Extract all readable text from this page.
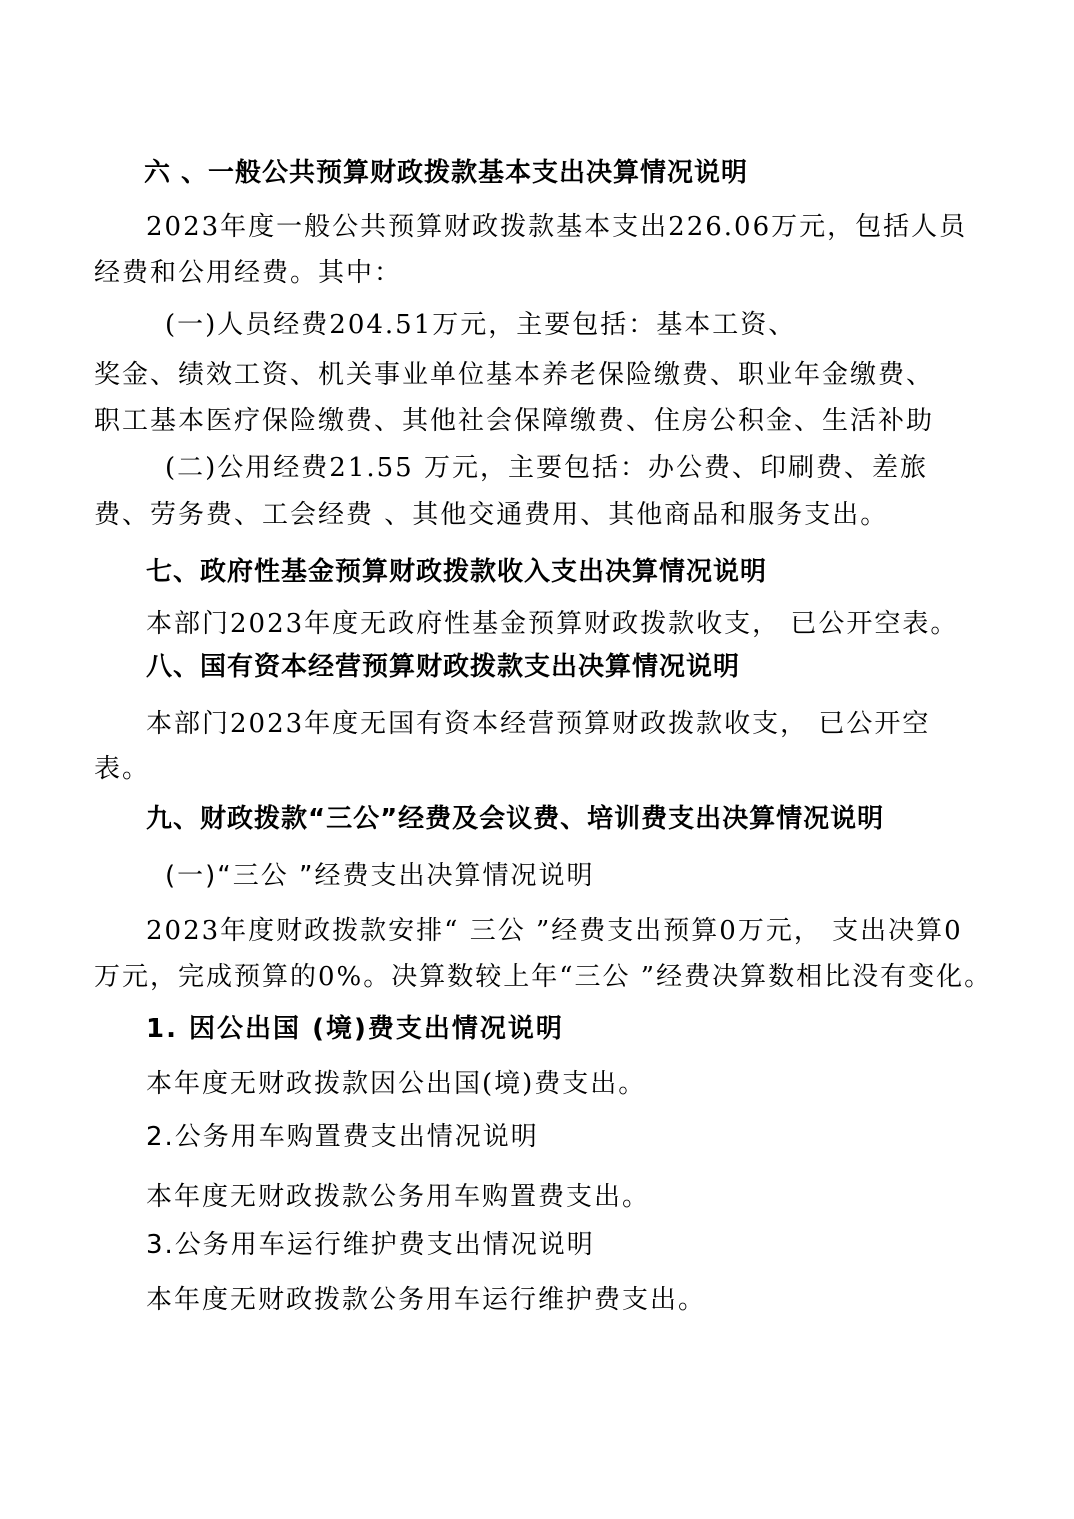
六 、一般公共预算财政拨款基本支出决算情况说明
2023年度一般公共预算财政拨款基本支出226.06万元，包括人员
经费和公用经费。其中：
(一)人员经费204.51万元，主要包括：基本工资、
奖金、绩效工资、机关事业单位基本养老保险缴费、职业年金缴费、
职工基本医疗保险缴费、其他社会保障缴费、住房公积金、生活补助
(二)公用经费21.55 万元，主要包括：办公费、印刷费、差旅
费、劳务费、工会经费 、其他交通费用、其他商品和服务支出。
七、政府性基金预算财政拨款收入支出决算情况说明
本部门2023年度无政府性基金预算财政拨款收支， 已公开空表。
八、国有资本经营预算财政拨款支出决算情况说明
本部门2023年度无国有资本经营预算财政拨款收支， 已公开空
表。
九、财政拨款“三公”经费及会议费、培训费支出决算情况说明
(一)“三公 ”经费支出决算情况说明
2023年度财政拨款安排“ 三公 ”经费支出预算0万元， 支出决算0
万元，完成预算的0%。决算数较上年“三公 ”经费决算数相比没有变化。
1. 因公出国 (境)费支出情况说明
本年度无财政拨款因公出国(境)费支出。
2.公务用车购置费支出情况说明
本年度无财政拨款公务用车购置费支出。
3.公务用车运行维护费支出情况说明
本年度无财政拨款公务用车运行维护费支出。
